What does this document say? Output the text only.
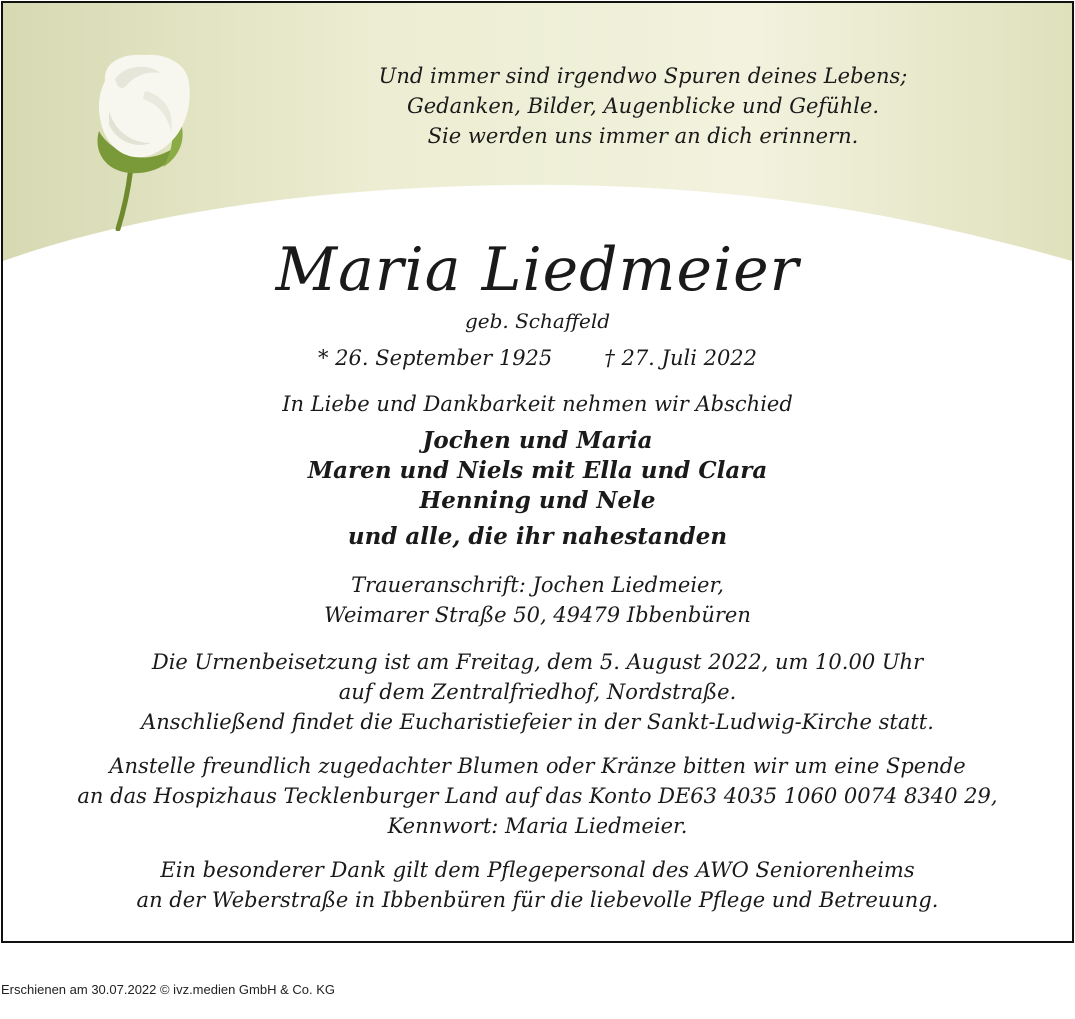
Und immer sind irgendwo Spuren deines Lebens;
Gedanken, Bilder, Augenblicke und Gefühle.
Sie werden uns immer an dich erinnern.
Maria Liedmeier
geb. Schaffeld
* 26. September 1925 † 27. Juli 2022
In Liebe und Dankbarkeit nehmen wir Abschied
Jochen und Maria
Maren und Niels mit Ella und Clara
Henning und Nele
und alle, die ihr nahestanden
Traueranschrift: Jochen Liedmeier,
Weimarer Straße 50, 49479 Ibbenbüren
Die Urnenbeisetzung ist am Freitag, dem 5. August 2022, um 10.00 Uhr
auf dem Zentralfriedhof, Nordstraße.
Anschließend findet die Eucharistiefeier in der Sankt-Ludwig-Kirche statt.
Anstelle freundlich zugedachter Blumen oder Kränze bitten wir um eine Spende
an das Hospizhaus Tecklenburger Land auf das Konto DE63 4035 1060 0074 8340 29,
Kennwort: Maria Liedmeier.
Ein besonderer Dank gilt dem Pflegepersonal des AWO Seniorenheims
an der Weberstraße in Ibbenbüren für die liebevolle Pflege und Betreuung.
Erschienen am 30.07.2022 © ivz.medien GmbH & Co. KG
